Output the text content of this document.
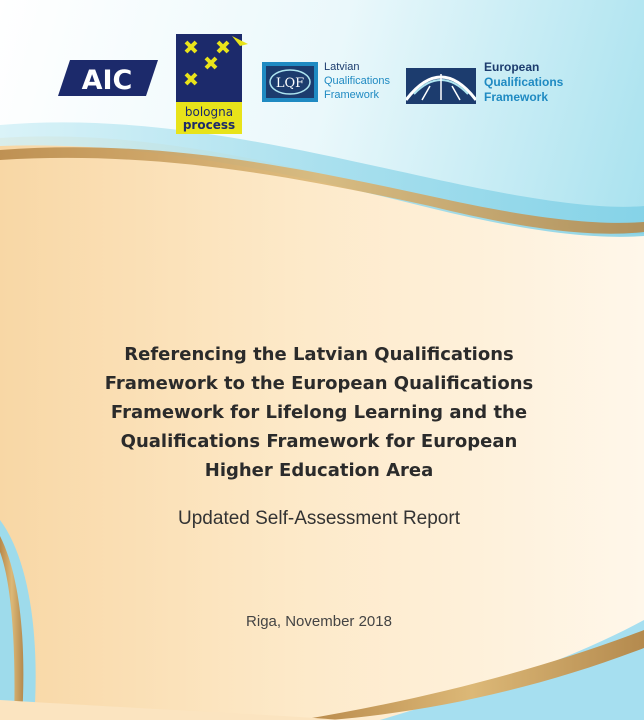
AIC
bologna
process
LQF
Latvian
Qualifications
Framework
European
Qualifications
Framework
Referencing the Latvian Qualifications
Framework to the European Qualifications
Framework for Lifelong Learning and the
Qualifications Framework for European
Higher Education Area

Updated Self-Assessment Report

Riga, November 2018
